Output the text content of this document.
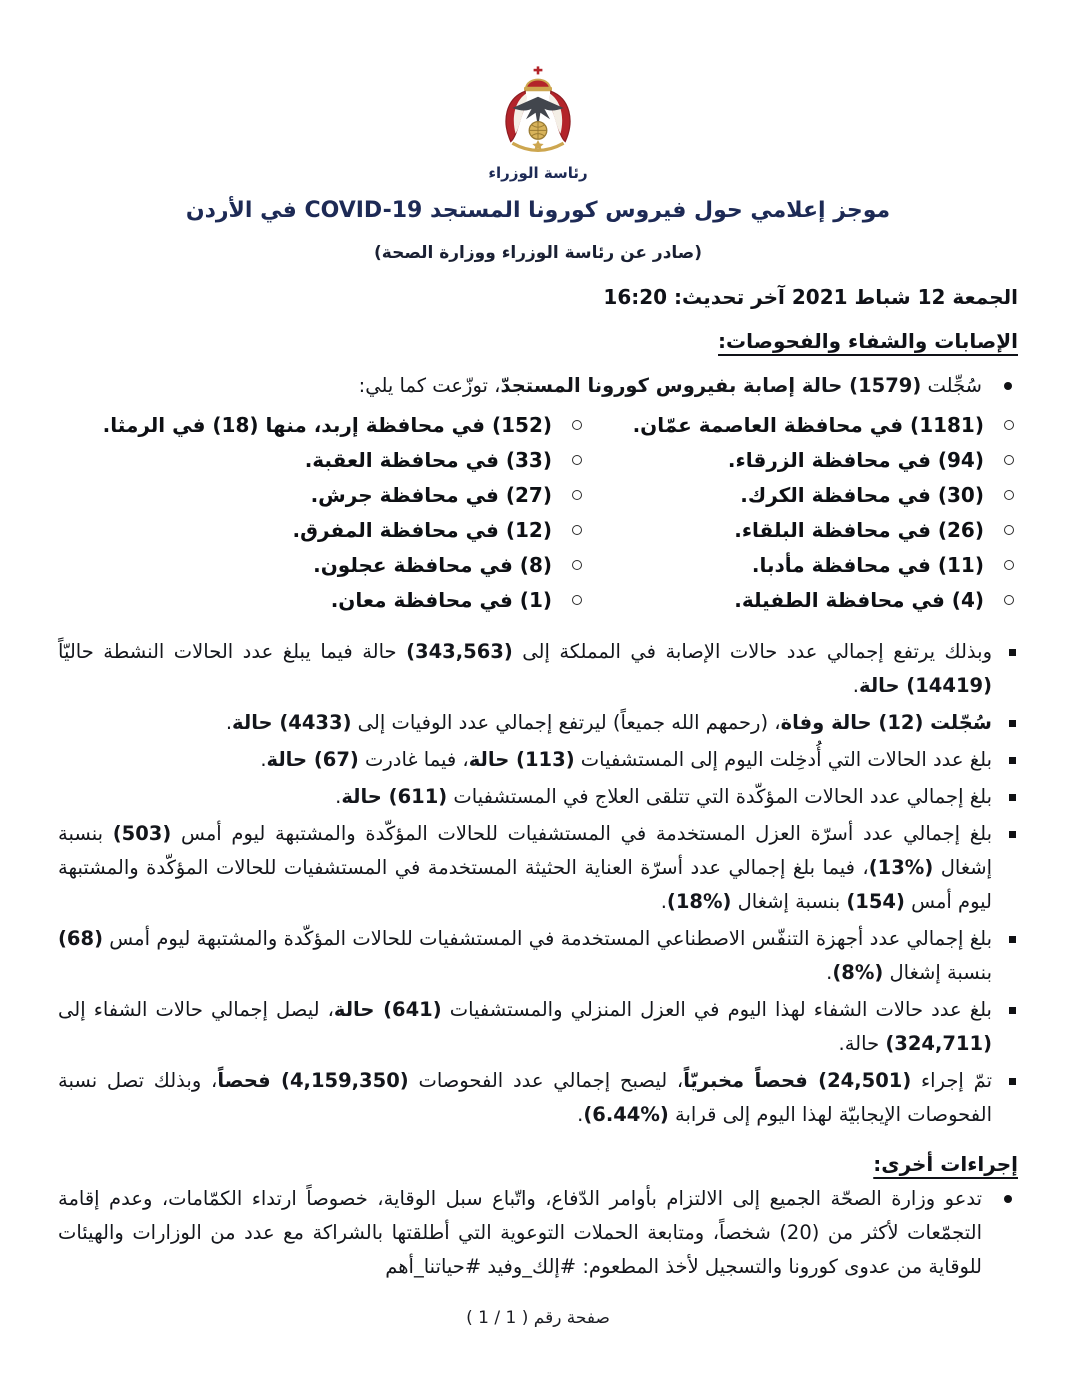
رئاسة الوزراء
موجز إعلامي حول فيروس كورونا المستجد COVID-19 في الأردن
(صادر عن رئاسة الوزراء ووزارة الصحة)
الجمعة 12 شباط 2021 آخر تحديث: 16:20
الإصابات والشفاء والفحوصات:

سُجِّلت (1579) حالة إصابة بفيروس كورونا المستجدّ، توزّعت كما يلي:

(1181) في محافظة العاصمة عمّان.
(94) في محافظة الزرقاء.
(30) في محافظة الكرك.
(26) في محافظة البلقاء.
(11) في محافظة مأدبا.
(4) في محافظة الطفيلة.
(152) في محافظة إربد، منها (18) في الرمثا.
(33) في محافظة العقبة.
(27) في محافظة جرش.
(12) في محافظة المفرق.
(8) في محافظة عجلون.
(1) في محافظة معان.

وبذلك يرتفع إجمالي عدد حالات الإصابة في المملكة إلى (343,563) حالة فيما يبلغ عدد الحالات النشطة حاليّاً (14419) حالة.

سُجّلت (12) حالة وفاة، (رحمهم الله جميعاً) ليرتفع إجمالي عدد الوفيات إلى (4433) حالة.

بلغ عدد الحالات التي أُدخِلت اليوم إلى المستشفيات (113) حالة، فيما غادرت (67) حالة.

بلغ إجمالي عدد الحالات المؤكّدة التي تتلقى العلاج في المستشفيات (611) حالة.

بلغ إجمالي عدد أسرّة العزل المستخدمة في المستشفيات للحالات المؤكّدة والمشتبهة ليوم أمس (503) بنسبة إشغال (%13)، فيما بلغ إجمالي عدد أسرّة العناية الحثيثة المستخدمة في المستشفيات للحالات المؤكّدة والمشتبهة ليوم أمس (154) بنسبة إشغال (%18).

بلغ إجمالي عدد أجهزة التنفّس الاصطناعي المستخدمة في المستشفيات للحالات المؤكّدة والمشتبهة ليوم أمس (68) بنسبة إشغال (%8).

بلغ عدد حالات الشفاء لهذا اليوم في العزل المنزلي والمستشفيات (641) حالة، ليصل إجمالي حالات الشفاء إلى (324,711) حالة.

تمّ إجراء (24,501) فحصاً مخبريّاً، ليصبح إجمالي عدد الفحوصات (4,159,350) فحصاً، وبذلك تصل نسبة الفحوصات الإيجابيّة لهذا اليوم إلى قرابة (%6.44).

إجراءات أخرى:

تدعو وزارة الصحّة الجميع إلى الالتزام بأوامر الدّفاع، واتّباع سبل الوقاية، خصوصاً ارتداء الكمّامات، وعدم إقامة التجمّعات لأكثر من (20) شخصاً، ومتابعة الحملات التوعوية التي أطلقتها بالشراكة مع عدد من الوزارات والهيئات للوقاية من عدوى كورونا والتسجيل لأخذ المطعوم: #إلك_وفيد #حياتنا_أهم

صفحة رقم ( 1 / 1 )
